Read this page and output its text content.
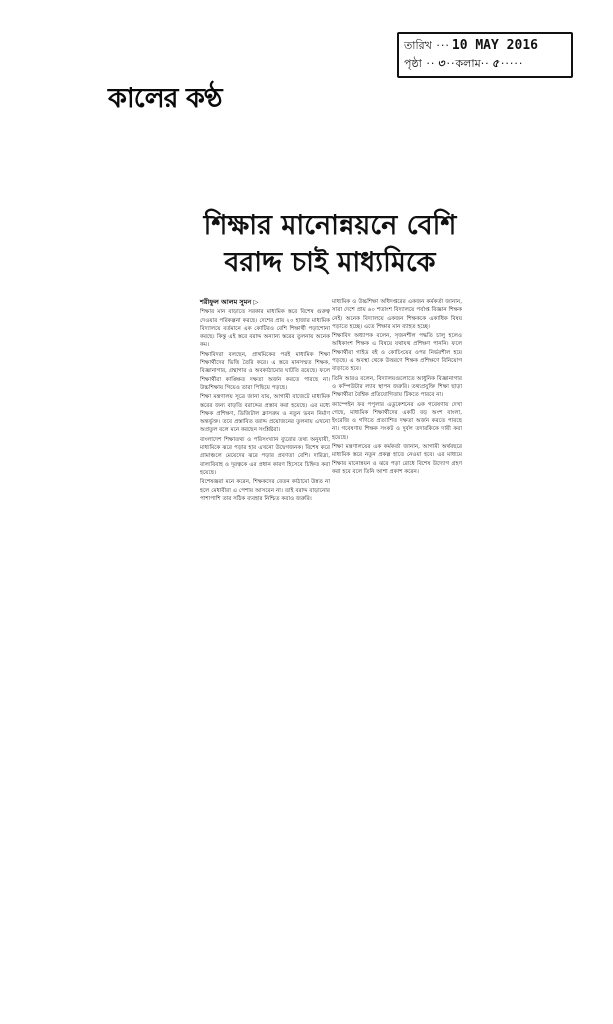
তারিখ ··· 10 MAY 2016
পৃষ্ঠা ·· ৩ ·· কলাম ·· ৫ ·····
কালের কণ্ঠ
শিক্ষার মানোন্নয়নে বেশি
বরাদ্দ চাই মাধ্যমিকে
শরীফুল আলম সুমন ▷

শিক্ষার মান বাড়াতে সরকার মাধ্যমিক স্তরে বিশেষ গুরুত্ব দেওয়ার পরিকল্পনা করছে। দেশের প্রায় ২০ হাজার মাধ্যমিক বিদ্যালয়ে বর্তমানে এক কোটিরও বেশি শিক্ষার্থী পড়াশোনা করছে। কিন্তু এই স্তরে বরাদ্দ অন্যান্য স্তরের তুলনায় অনেক কম।

শিক্ষাবিদরা বলছেন, প্রাথমিকের পরই মাধ্যমিক শিক্ষা শিক্ষার্থীদের ভিত্তি তৈরি করে। এ স্তরে মানসম্মত শিক্ষক, বিজ্ঞানাগার, গ্রন্থাগার ও অবকাঠামোর ঘাটতি রয়েছে। ফলে শিক্ষার্থীরা কাঙ্ক্ষিত দক্ষতা অর্জন করতে পারছে না। উচ্চশিক্ষায় গিয়েও তারা পিছিয়ে পড়ছে।

শিক্ষা মন্ত্রণালয় সূত্রে জানা যায়, আগামী বাজেটে মাধ্যমিক স্তরের জন্য বাড়তি বরাদ্দের প্রস্তাব করা হয়েছে। এর মধ্যে শিক্ষক প্রশিক্ষণ, ডিজিটাল ক্লাসরুম ও নতুন ভবন নির্মাণ অন্তর্ভুক্ত। তবে প্রস্তাবিত বরাদ্দ প্রয়োজনের তুলনায় এখনো অপ্রতুল বলে মনে করছেন সংশ্লিষ্টরা।

বাংলাদেশ শিক্ষাতথ্য ও পরিসংখ্যান ব্যুরোর তথ্য অনুযায়ী, মাধ্যমিকে ঝরে পড়ার হার এখনো উদ্বেগজনক। বিশেষ করে গ্রামাঞ্চলে মেয়েদের ঝরে পড়ার প্রবণতা বেশি। দারিদ্র্য, বাল্যবিবাহ ও দূরত্বকে এর প্রধান কারণ হিসেবে চিহ্নিত করা হয়েছে।

বিশেষজ্ঞরা মনে করেন, শিক্ষকদের বেতন কাঠামো উন্নত না হলে মেধাবীরা এ পেশায় আসবেন না। তাই বরাদ্দ বাড়ানোর পাশাপাশি তার সঠিক ব্যবহার নিশ্চিত করাও জরুরি।

মাধ্যমিক ও উচ্চশিক্ষা অধিদপ্তরের একজন কর্মকর্তা জানান, সারা দেশে প্রায় ৬০ শতাংশ বিদ্যালয়ে পর্যাপ্ত বিজ্ঞান শিক্ষক নেই। অনেক বিদ্যালয়ে একজন শিক্ষককে একাধিক বিষয় পড়াতে হচ্ছে। এতে শিক্ষার মান ব্যাহত হচ্ছে।

শিক্ষাবিদ অধ্যাপক বলেন, সৃজনশীল পদ্ধতি চালু হলেও অধিকাংশ শিক্ষক এ বিষয়ে যথাযথ প্রশিক্ষণ পাননি। ফলে শিক্ষার্থীরা গাইড বই ও কোচিংয়ের ওপর নির্ভরশীল হয়ে পড়ছে। এ অবস্থা থেকে উত্তরণে শিক্ষক প্রশিক্ষণে বিনিয়োগ বাড়াতে হবে।

তিনি আরও বলেন, বিদ্যালয়গুলোতে আধুনিক বিজ্ঞানাগার ও কম্পিউটার ল্যাব স্থাপন জরুরি। তথ্যপ্রযুক্তি শিক্ষা ছাড়া শিক্ষার্থীরা বৈশ্বিক প্রতিযোগিতায় টিকতে পারবে না।

ক্যাম্পেইন ফর পপুলার এডুকেশনের এক গবেষণায় দেখা গেছে, মাধ্যমিক শিক্ষার্থীদের একটি বড় অংশ বাংলা, ইংরেজি ও গণিতে প্রত্যাশিত দক্ষতা অর্জন করতে পারছে না। গবেষণায় শিক্ষক সংকট ও দুর্বল তদারকিকে দায়ী করা হয়েছে।

শিক্ষা মন্ত্রণালয়ের এক কর্মকর্তা জানান, আগামী অর্থবছরে মাধ্যমিক স্তরে নতুন প্রকল্প হাতে নেওয়া হবে। এর মাধ্যমে শিক্ষার মানোন্নয়ন ও ঝরে পড়া রোধে বিশেষ উদ্যোগ গ্রহণ করা হবে বলে তিনি আশা প্রকাশ করেন।
